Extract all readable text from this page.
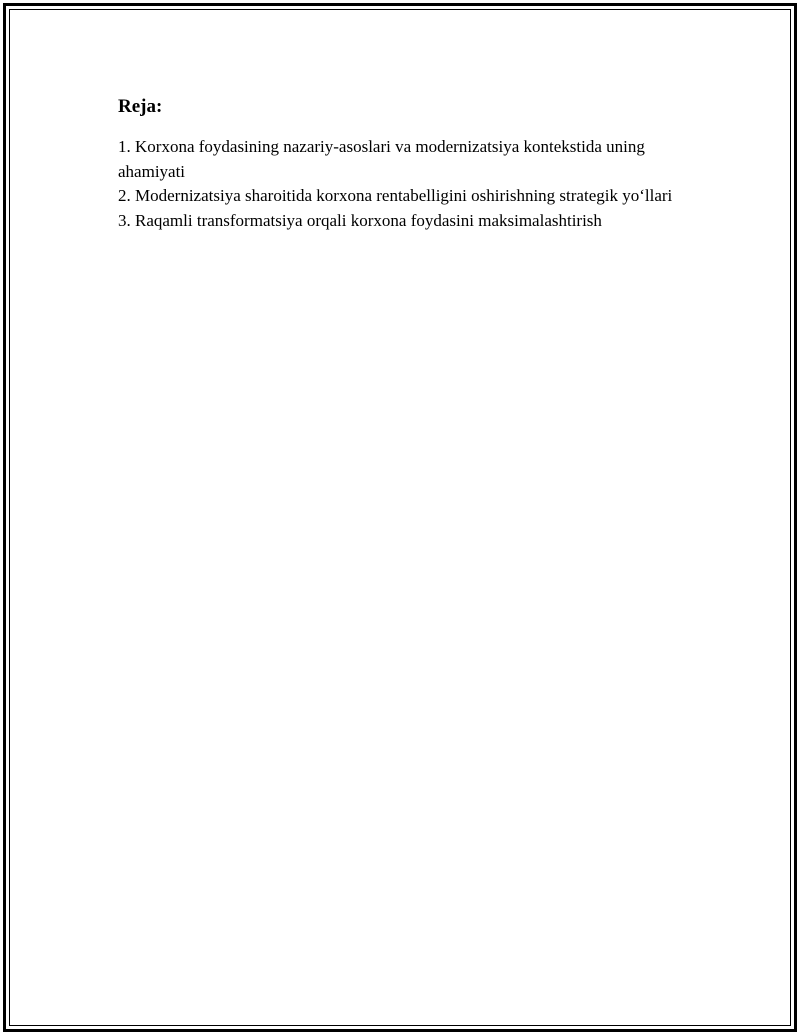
Reja:
1. Korxona foydasining nazariy-asoslari va modernizatsiya kontekstida uning ahamiyati
2. Modernizatsiya sharoitida korxona rentabelligini oshirishning strategik yo‘llari
3. Raqamli transformatsiya orqali korxona foydasini maksimalashtirish
